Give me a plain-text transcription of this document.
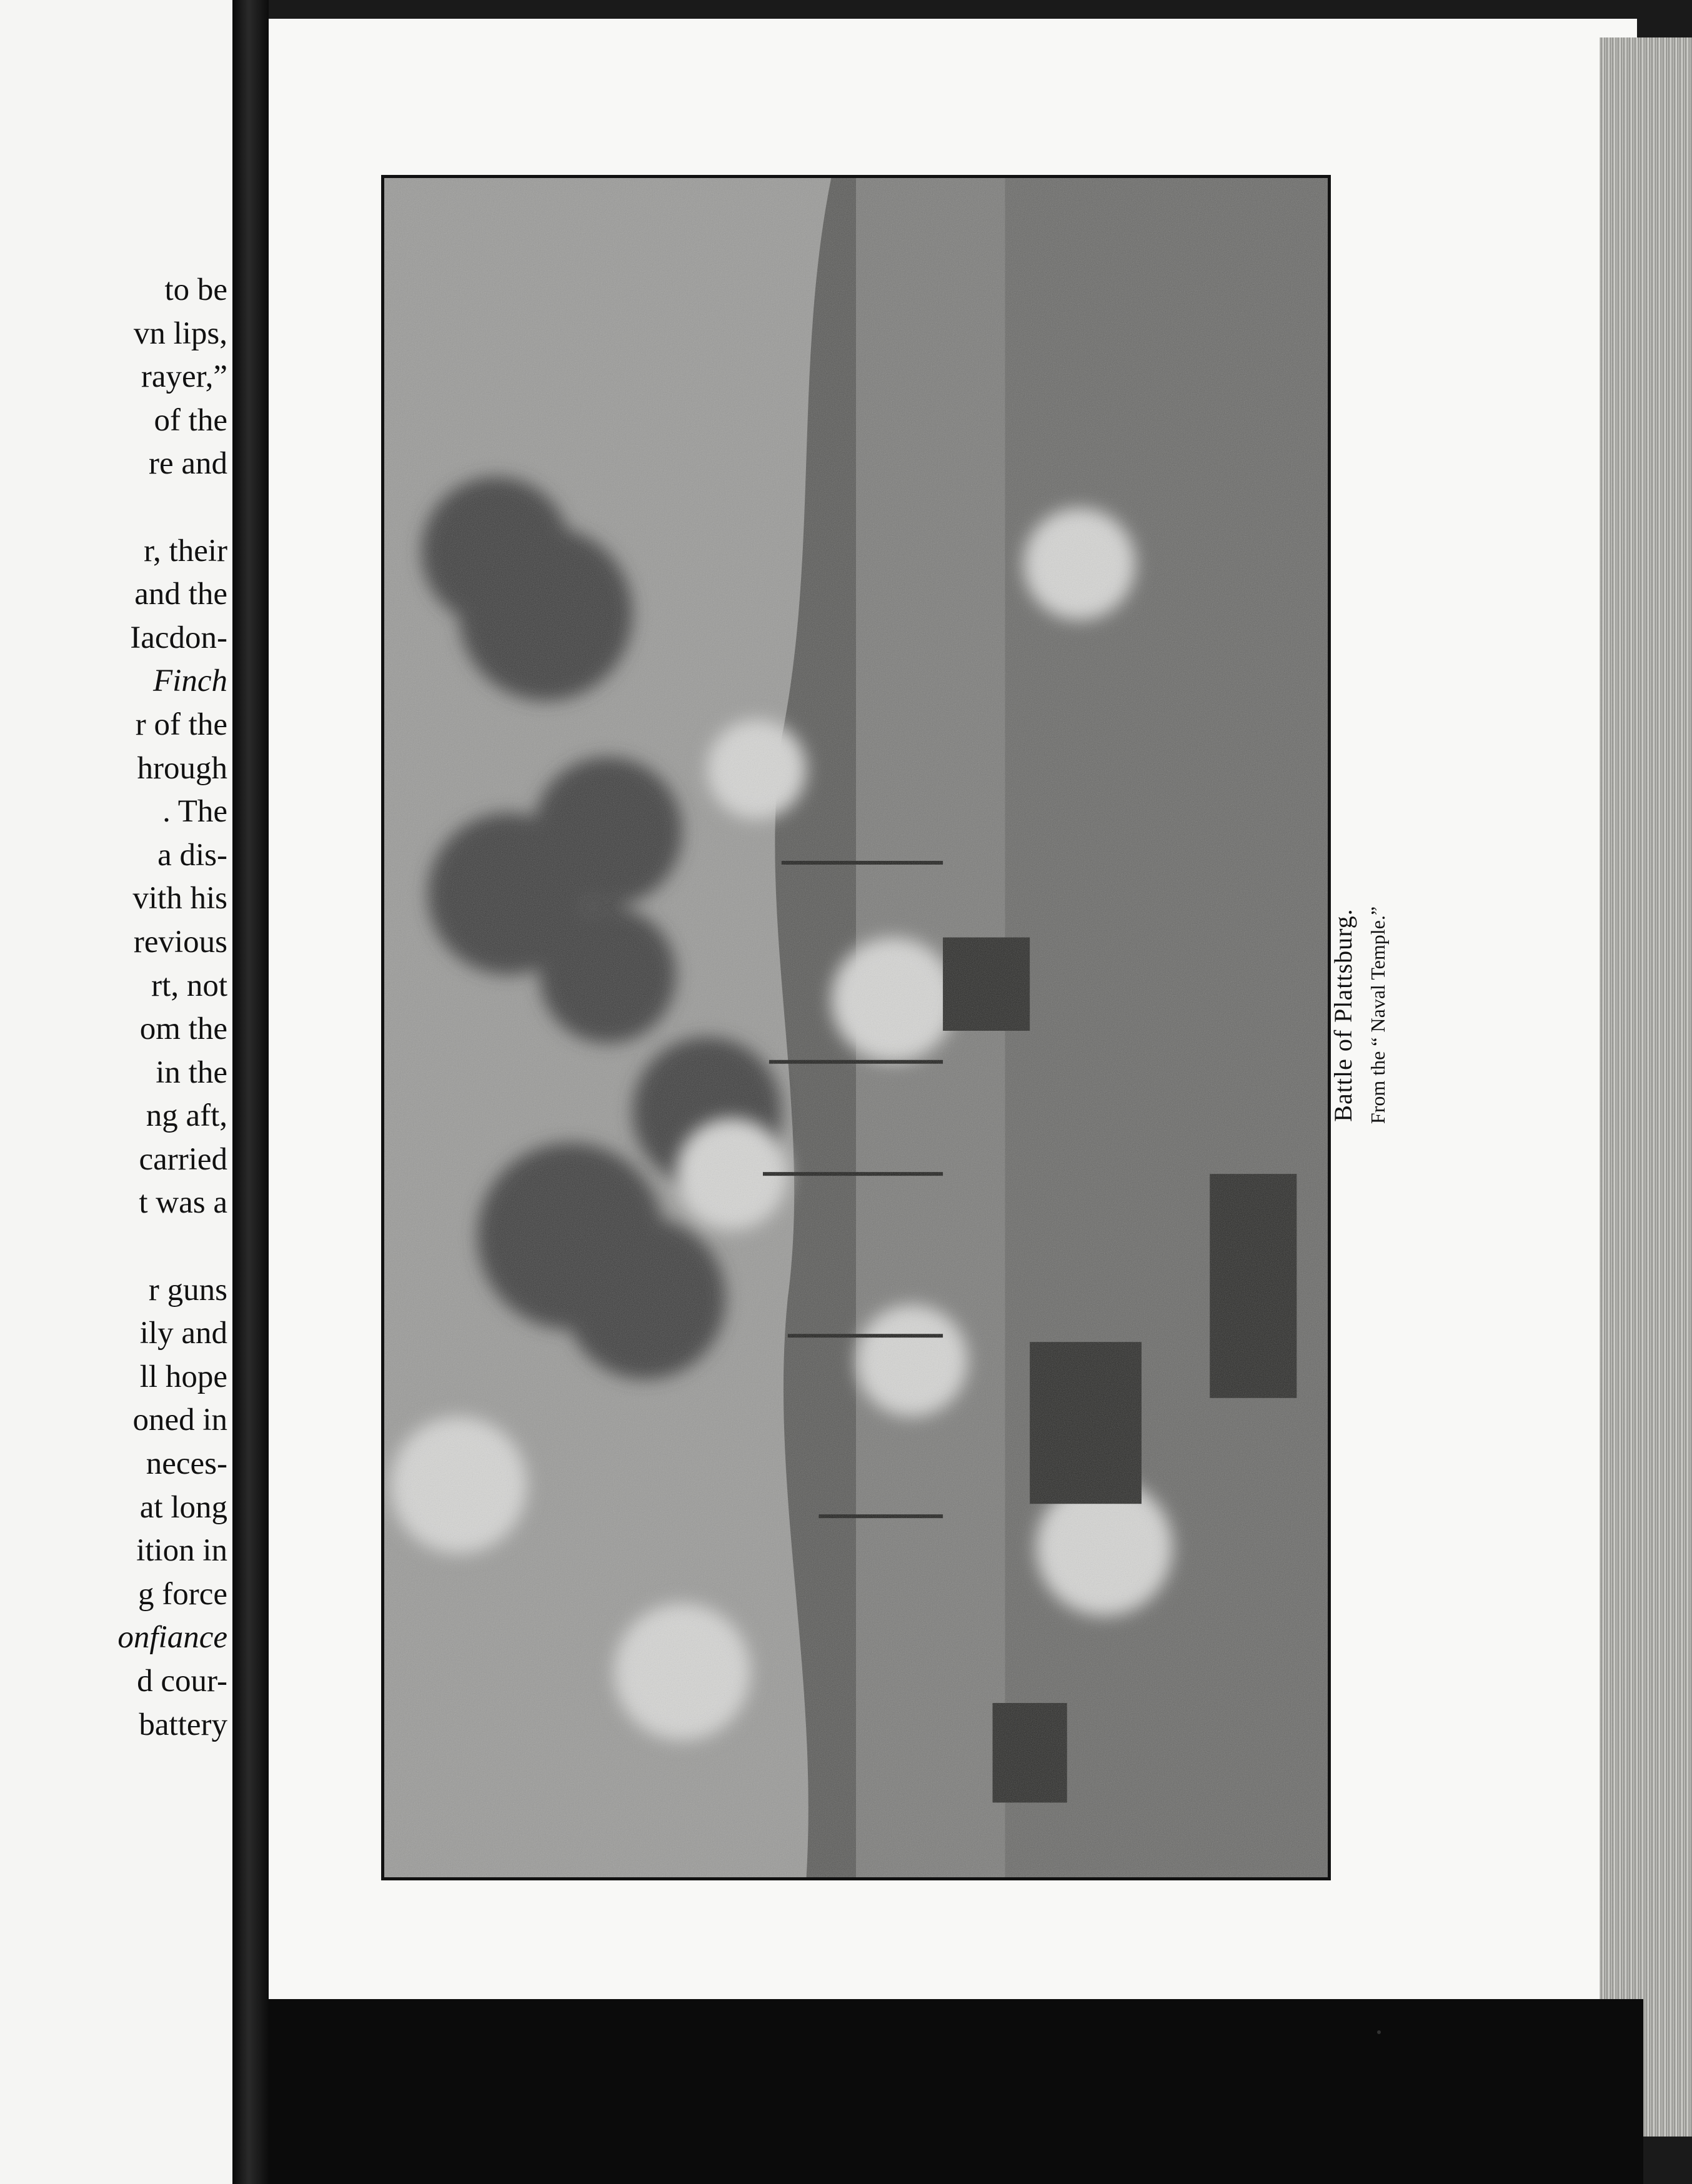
to be
vn lips,
rayer,”
of the
re and
r, their
and the
Iacdon-
Finch
r of the
hrough
. The
a dis-
vith his
revious
rt, not
om the
in the
ng aft,
carried
t was a
r guns
ily and
ll hope
oned in
neces-
at long
ition in
g force
onfiance
d cour-
battery
Battle of Plattsburg. From the “ Naval Temple.”
